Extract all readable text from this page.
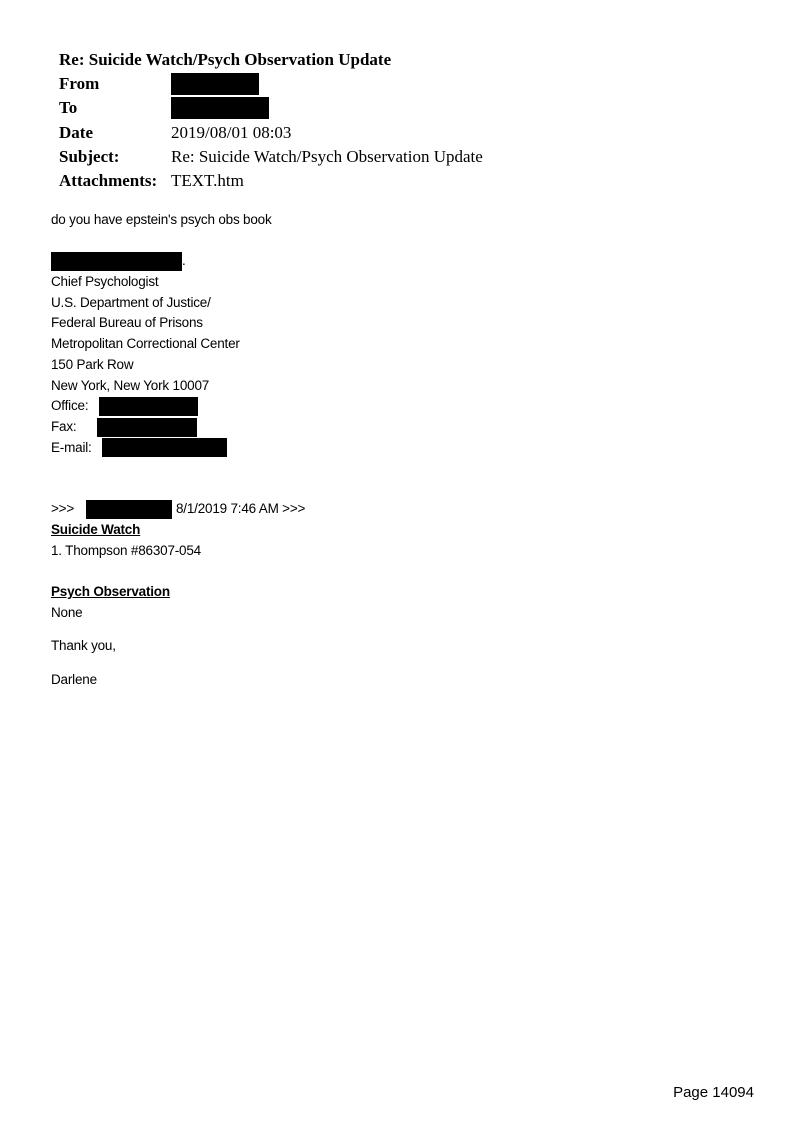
Re: Suicide Watch/Psych Observation Update
From
To
Date	2019/08/01 08:03
Subject:	Re: Suicide Watch/Psych Observation Update
Attachments: TEXT.htm
do you have epstein's psych obs book
.
Chief Psychologist
U.S. Department of Justice/
Federal Bureau of Prisons
Metropolitan Correctional Center
150 Park Row
New York, New York 10007
Office:
Fax:
E-mail:
>>>	8/1/2019 7:46 AM >>>
Suicide Watch
1. Thompson #86307-054
Psych Observation
None
Thank you,
Darlene
Page 14094
